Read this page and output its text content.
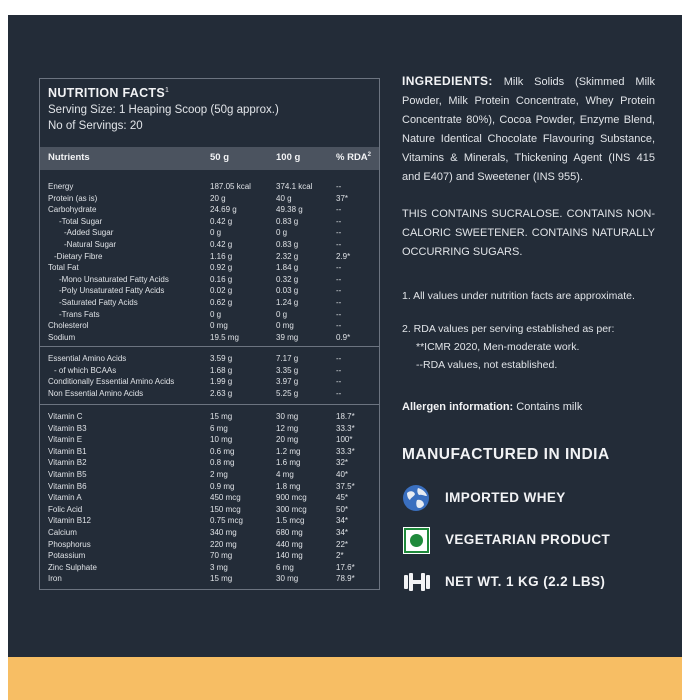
NUTRITION FACTS$^1$
Serving Size: 1 Heaping Scoop (50g approx.)
No of Servings: 20
Nutrients	50 g	100 g	% RDA$^2$
Energy	187.05 kcal	374.1 kcal	--
Protein (as is)	20 g	40 g	37*
Carbohydrate	24.69 g	49.38 g	--
-Total Sugar	0.42 g	0.83 g	--
-Added Sugar	0 g	0 g	--
-Natural Sugar	0.42 g	0.83 g	--
-Dietary Fibre	1.16 g	2.32 g	2.9*
Total Fat	0.92 g	1.84 g	--
-Mono Unsaturated Fatty Acids	0.16 g	0.32 g	--
-Poly Unsaturated Fatty Acids	0.02 g	0.03 g	--
-Saturated Fatty Acids	0.62 g	1.24 g	--
-Trans Fats	0 g	0 g	--
Cholesterol	0 mg	0 mg	--
Sodium	19.5 mg	39 mg	0.9*
Essential Amino Acids	3.59 g	7.17 g	--
- of which BCAAs	1.68 g	3.35 g	--
Conditionally Essential Amino Acids	1.99 g	3.97 g	--
Non Essential Amino Acids	2.63 g	5.25 g	--
Vitamin C	15 mg	30 mg	18.7*
Vitamin B3	6 mg	12 mg	33.3*
Vitamin E	10 mg	20 mg	100*
Vitamin B1	0.6 mg	1.2 mg	33.3*
Vitamin B2	0.8 mg	1.6 mg	32*
Vitamin B5	2 mg	4 mg	40*
Vitamin B6	0.9 mg	1.8 mg	37.5*
Vitamin A	450 mcg	900 mcg	45*
Folic Acid	150 mcg	300 mcg	50*
Vitamin B12	0.75 mcg	1.5 mcg	34*
Calcium	340 mg	680 mg	34*
Phosphorus	220 mg	440 mg	22*
Potassium	70 mg	140 mg	2*
Zinc Sulphate	3 mg	6 mg	17.6*
Iron	15 mg	30 mg	78.9*
INGREDIENTS: Milk Solids (Skimmed Milk Powder, Milk Protein Concentrate, Whey Protein Concentrate 80%), Cocoa Powder, Enzyme Blend, Nature Identical Chocolate Flavouring Substance, Vitamins & Minerals, Thickening Agent (INS 415 and E407) and Sweetener (INS 955).
THIS CONTAINS SUCRALOSE. CONTAINS NON-CALORIC SWEETENER. CONTAINS NATURALLY OCCURRING SUGARS.
1. All values under nutrition facts are approximate.
2. RDA values per serving established as per:
**ICMR 2020, Men-moderate work.
--RDA values, not established.
Allergen information: Contains milk
MANUFACTURED IN INDIA
IMPORTED WHEY
VEGETARIAN PRODUCT
NET WT. 1 KG (2.2 LBS)
